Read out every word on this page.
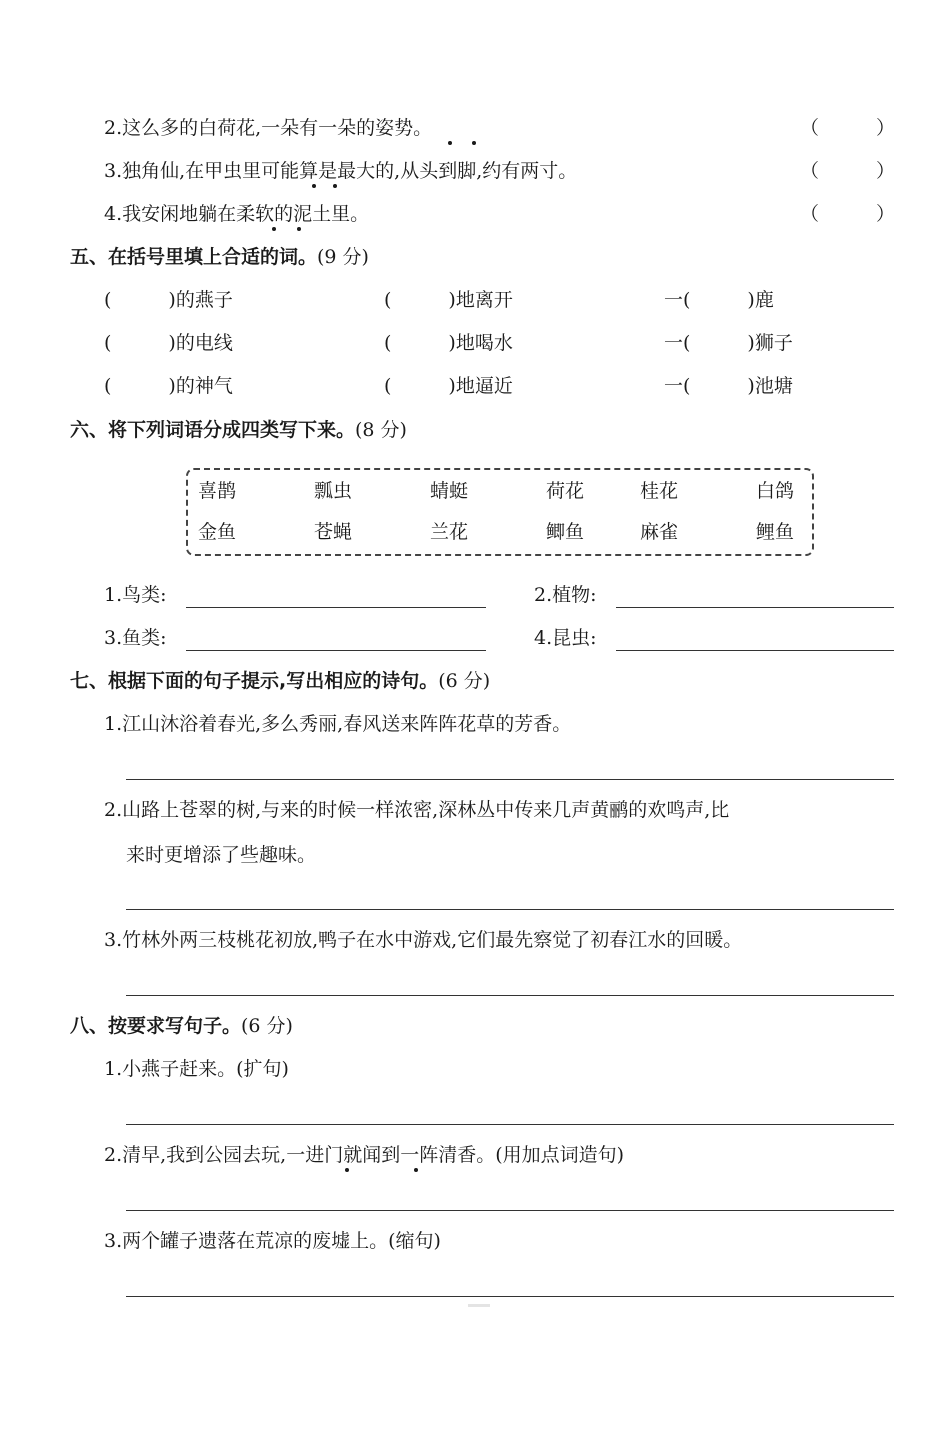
2.这么多的白荷花,一朵有一朵的姿势。	（ ）
3.独角仙,在甲虫里可能算是最大的,从头到脚,约有两寸。	（ ）
4.我安闲地躺在柔软的泥土里。	（ ）
五、在括号里填上合适的词。(9 分)
(　　　)的燕子	(　　　)地离开	一(　　　)鹿
(　　　)的电线	(　　　)地喝水	一(　　　)狮子
(　　　)的神气	(　　　)地逼近	一(　　　)池塘
六、将下列词语分成四类写下来。(8 分)
喜鹊	瓢虫	蜻蜓	荷花	桂花	白鸽
金鱼	苍蝇	兰花	鲫鱼	麻雀	鲤鱼
1.鸟类:	2.植物:
3.鱼类:	4.昆虫:
七、根据下面的句子提示,写出相应的诗句。(6 分)
1.江山沐浴着春光,多么秀丽,春风送来阵阵花草的芳香。
2.山路上苍翠的树,与来的时候一样浓密,深林丛中传来几声黄鹂的欢鸣声,比
来时更增添了些趣味。
3.竹林外两三枝桃花初放,鸭子在水中游戏,它们最先察觉了初春江水的回暖。
八、按要求写句子。(6 分)
1.小燕子赶来。(扩句)
2.清早,我到公园去玩,一进门就闻到一阵清香。(用加点词造句)
3.两个罐子遗落在荒凉的废墟上。(缩句)
